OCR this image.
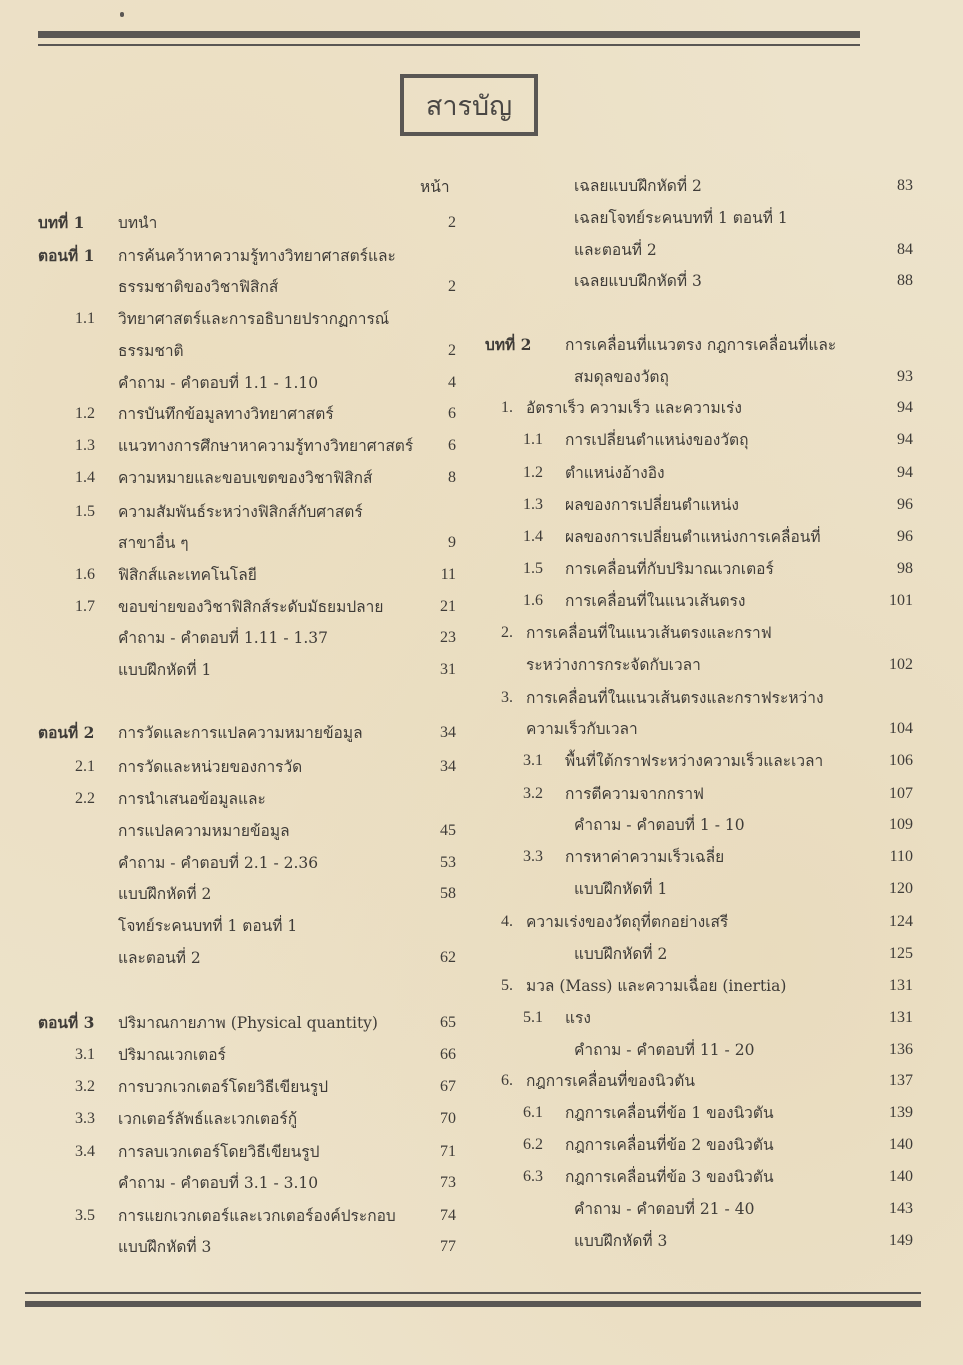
สารบัญ
หน้า
บทที่ 1 บทนำ	2
ตอนที่ 1 การค้นคว้าหาความรู้ทางวิทยาศาสตร์และ
ธรรมชาติของวิชาฟิสิกส์	2
1.1 วิทยาศาสตร์และการอธิบายปรากฏการณ์
ธรรมชาติ	2
คำถาม - คำตอบที่ 1.1 - 1.10	4
1.2 การบันทึกข้อมูลทางวิทยาศาสตร์	6
1.3 แนวทางการศึกษาหาความรู้ทางวิทยาศาสตร์ 6
1.4 ความหมายและขอบเขตของวิชาฟิสิกส์	8
1.5 ความสัมพันธ์ระหว่างฟิสิกส์กับศาสตร์
สาขาอื่น ๆ	9
1.6 ฟิสิกส์และเทคโนโลยี	11
1.7 ขอบข่ายของวิชาฟิสิกส์ระดับมัธยมปลาย	21
คำถาม - คำตอบที่ 1.11 - 1.37	23
แบบฝึกหัดที่ 1	31
ตอนที่ 2 การวัดและการแปลความหมายข้อมูล	34
2.1 การวัดและหน่วยของการวัด	34
2.2 การนำเสนอข้อมูลและ
การแปลความหมายข้อมูล	45
คำถาม - คำตอบที่ 2.1 - 2.36	53
แบบฝึกหัดที่ 2	58
โจทย์ระคนบทที่ 1 ตอนที่ 1
และตอนที่ 2	62
ตอนที่ 3 ปริมาณกายภาพ (Physical quantity)	65
3.1 ปริมาณเวกเตอร์	66
3.2 การบวกเวกเตอร์โดยวิธีเขียนรูป	67
3.3 เวกเตอร์ลัพธ์และเวกเตอร์กู้	70
3.4 การลบเวกเตอร์โดยวิธีเขียนรูป	71
คำถาม - คำตอบที่ 3.1 - 3.10	73
3.5 การแยกเวกเตอร์และเวกเตอร์องค์ประกอบ	74
แบบฝึกหัดที่ 3	77
เฉลยแบบฝึกหัดที่ 2	83
เฉลยโจทย์ระคนบทที่ 1 ตอนที่ 1
และตอนที่ 2	84
เฉลยแบบฝึกหัดที่ 3	88
บทที่ 2 การเคลื่อนที่แนวตรง กฎการเคลื่อนที่และ
สมดุลของวัตถุ	93
1. อัตราเร็ว ความเร็ว และความเร่ง	94
1.1 การเปลี่ยนตำแหน่งของวัตถุ	94
1.2 ตำแหน่งอ้างอิง	94
1.3 ผลของการเปลี่ยนตำแหน่ง	96
1.4 ผลของการเปลี่ยนตำแหน่งการเคลื่อนที่	96
1.5 การเคลื่อนที่กับปริมาณเวกเตอร์	98
1.6 การเคลื่อนที่ในแนวเส้นตรง	101
2. การเคลื่อนที่ในแนวเส้นตรงและกราฟ
ระหว่างการกระจัดกับเวลา	102
3. การเคลื่อนที่ในแนวเส้นตรงและกราฟระหว่าง
ความเร็วกับเวลา	104
3.1 พื้นที่ใต้กราฟระหว่างความเร็วและเวลา	106
3.2 การตีความจากกราฟ	107
คำถาม - คำตอบที่ 1 - 10	109
3.3 การหาค่าความเร็วเฉลี่ย	110
แบบฝึกหัดที่ 1	120
4. ความเร่งของวัตถุที่ตกอย่างเสรี	124
แบบฝึกหัดที่ 2	125
5. มวล (Mass) และความเฉื่อย (inertia)	131
5.1 แรง	131
คำถาม - คำตอบที่ 11 - 20	136
6. กฎการเคลื่อนที่ของนิวตัน	137
6.1 กฎการเคลื่อนที่ข้อ 1 ของนิวตัน	139
6.2 กฎการเคลื่อนที่ข้อ 2 ของนิวตัน	140
6.3 กฎการเคลื่อนที่ข้อ 3 ของนิวตัน	140
คำถาม - คำตอบที่ 21 - 40	143
แบบฝึกหัดที่ 3	149
